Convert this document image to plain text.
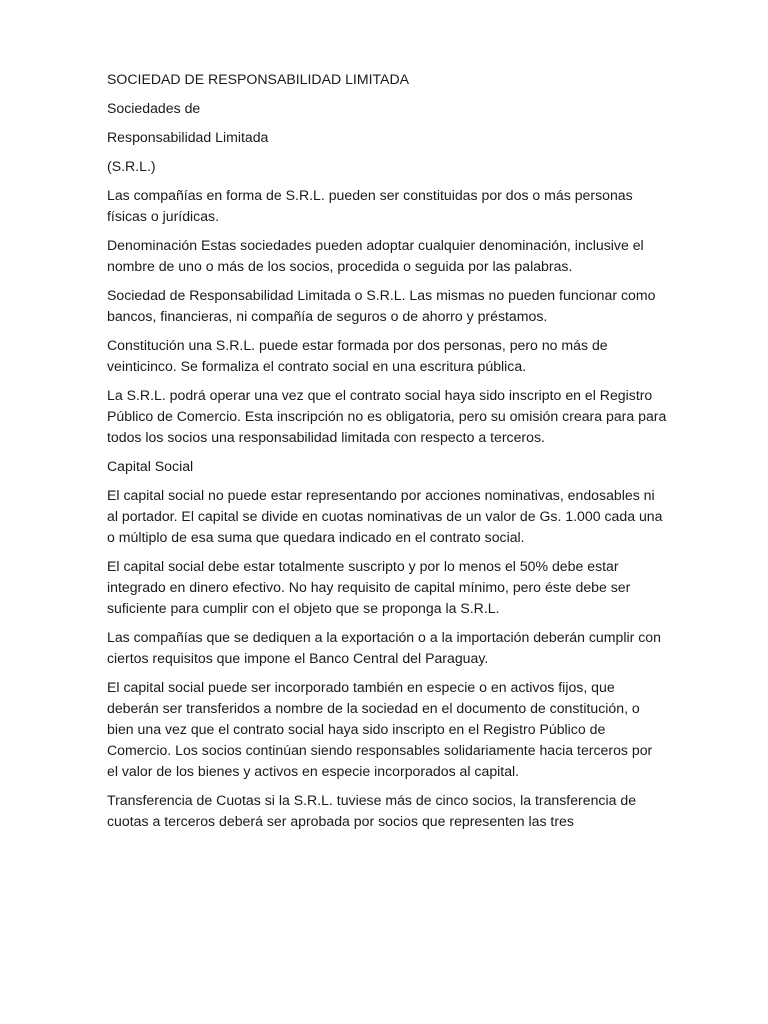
SOCIEDAD DE RESPONSABILIDAD LIMITADA

Sociedades de

Responsabilidad Limitada

(S.R.L.)

Las compañías en forma de S.R.L. pueden ser constituidas por dos o más personas físicas o jurídicas.

Denominación Estas sociedades pueden adoptar cualquier denominación, inclusive el nombre de uno o más de los socios, procedida o seguida por las palabras.

Sociedad de Responsabilidad Limitada o S.R.L. Las mismas no pueden funcionar como bancos, financieras, ni compañía de seguros o de ahorro y préstamos.

Constitución una S.R.L. puede estar formada por dos personas, pero no más de veinticinco. Se formaliza el contrato social en una escritura pública.

La S.R.L. podrá operar una vez que el contrato social haya sido inscripto en el Registro Público de Comercio. Esta inscripción no es obligatoria, pero su omisión creara para para todos los socios una responsabilidad limitada con respecto a terceros.

Capital Social

El capital social no puede estar representando por acciones nominativas, endosables ni al portador. El capital se divide en cuotas nominativas de un valor de Gs. 1.000 cada una o múltiplo de esa suma que quedara indicado en el contrato social.

El capital social debe estar totalmente suscripto y por lo menos el 50% debe estar integrado en dinero efectivo. No hay requisito de capital mínimo, pero éste debe ser suficiente para cumplir con el objeto que se proponga la S.R.L.

Las compañías que se dediquen a la exportación o a la importación deberán cumplir con ciertos requisitos que impone el Banco Central del Paraguay.

El capital social puede ser incorporado también en especie o en activos fijos, que deberán ser transferidos a nombre de la sociedad en el documento de constitución, o bien una vez que el contrato social haya sido inscripto en el Registro Público de Comercio. Los socios continúan siendo responsables solidariamente hacia terceros por el valor de los bienes y activos en especie incorporados al capital.

Transferencia de Cuotas si la S.R.L. tuviese más de cinco socios, la transferencia de cuotas a terceros deberá ser aprobada por socios que representen las tres
